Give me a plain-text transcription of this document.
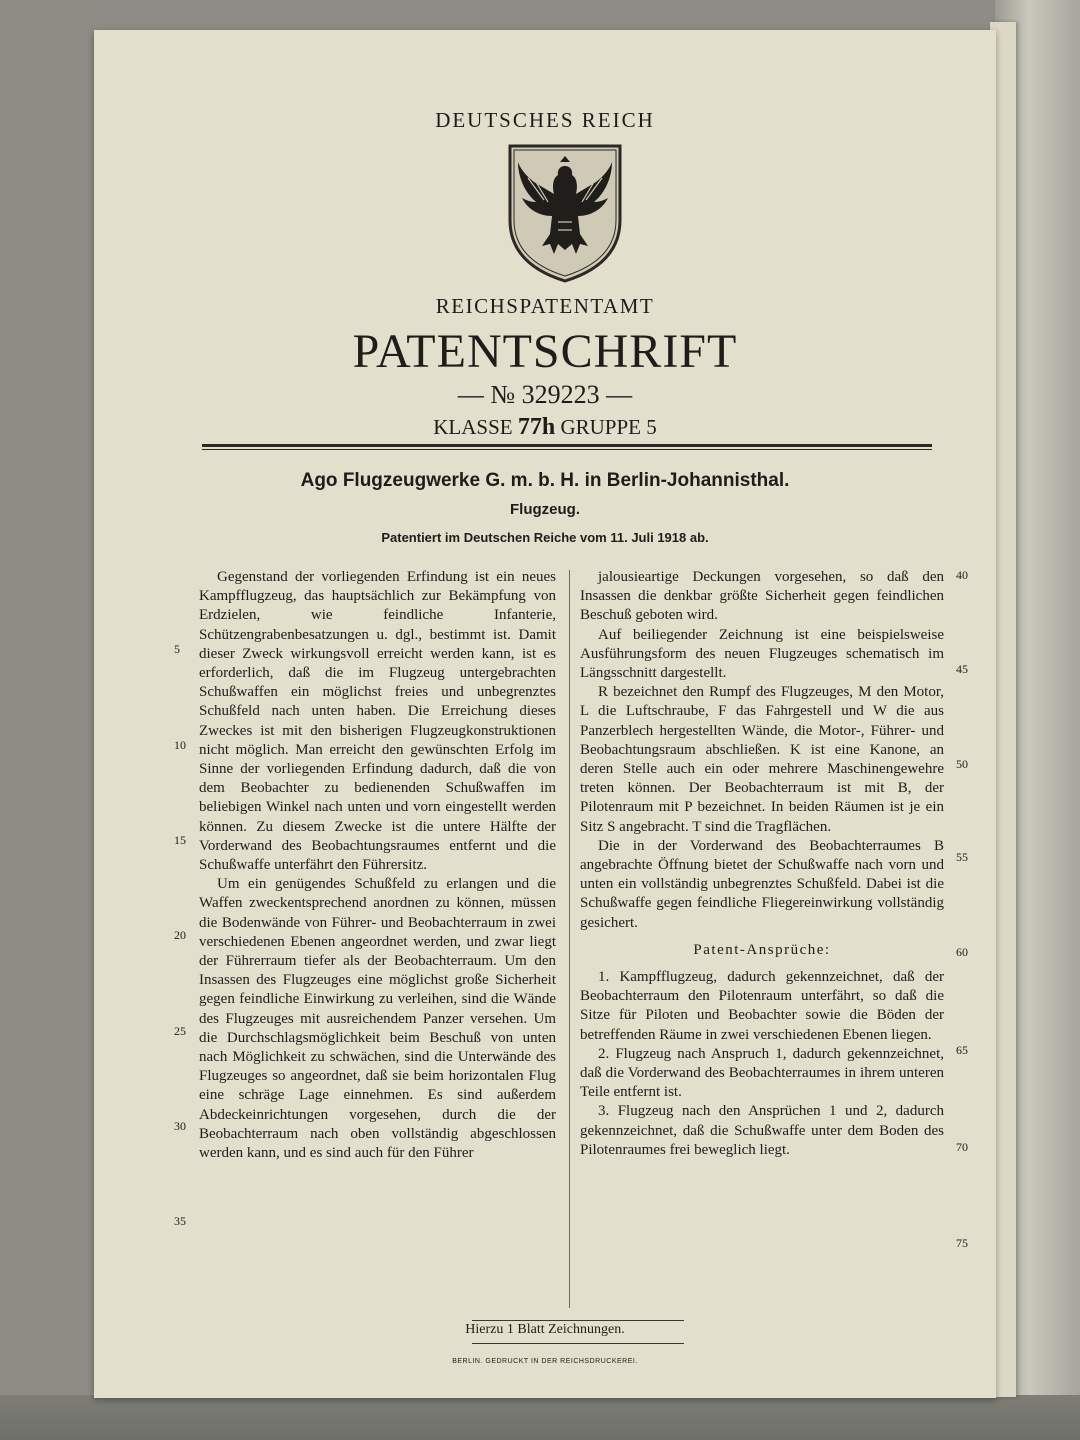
DEUTSCHES REICH
REICHSPATENTAMT
PATENTSCHRIFT
— № 329223 —
KLASSE 77h GRUPPE 5
Ago Flugzeugwerke G. m. b. H. in Berlin-Johannisthal.
Flugzeug.
Patentiert im Deutschen Reiche vom 11. Juli 1918 ab.

Gegenstand der vorliegenden Erfindung ist ein neues Kampfflugzeug, das hauptsächlich zur Bekämpfung von Erdzielen, wie feindliche Infanterie, Schützengrabenbesatzungen u. dgl., bestimmt ist. Damit dieser Zweck wirkungsvoll erreicht werden kann, ist es erforderlich, daß die im Flugzeug untergebrachten Schußwaffen ein möglichst freies und unbegrenztes Schußfeld nach unten haben. Die Erreichung dieses Zweckes ist mit den bisherigen Flugzeugkonstruktionen nicht möglich. Man erreicht den gewünschten Erfolg im Sinne der vorliegenden Erfindung dadurch, daß die von dem Beobachter zu bedienenden Schußwaffen im beliebigen Winkel nach unten und vorn eingestellt werden können. Zu diesem Zwecke ist die untere Hälfte der Vorderwand des Beobachtungsraumes entfernt und die Schußwaffe unterfährt den Führersitz.

Um ein genügendes Schußfeld zu erlangen und die Waffen zweckentsprechend anordnen zu können, müssen die Bodenwände von Führer- und Beobachterraum in zwei verschiedenen Ebenen angeordnet werden, und zwar liegt der Führerraum tiefer als der Beobachterraum. Um den Insassen des Flugzeuges eine möglichst große Sicherheit gegen feindliche Einwirkung zu verleihen, sind die Wände des Flugzeuges mit ausreichendem Panzer versehen. Um die Durchschlagsmöglichkeit beim Beschuß von unten nach Möglichkeit zu schwächen, sind die Unterwände des Flugzeuges so angeordnet, daß sie beim horizontalen Flug eine schräge Lage einnehmen. Es sind außerdem Abdeckeinrichtungen vorgesehen, durch die der Beobachterraum nach oben vollständig abgeschlossen werden kann, und es sind auch für den Führer

jalousieartige Deckungen vorgesehen, so daß den Insassen die denkbar größte Sicherheit gegen feindlichen Beschuß geboten wird.

Auf beiliegender Zeichnung ist eine beispielsweise Ausführungsform des neuen Flugzeuges schematisch im Längsschnitt dargestellt.

R bezeichnet den Rumpf des Flugzeuges, M den Motor, L die Luftschraube, F das Fahrgestell und W die aus Panzerblech hergestellten Wände, die Motor-, Führer- und Beobachtungsraum abschließen. K ist eine Kanone, an deren Stelle auch ein oder mehrere Maschinengewehre treten können. Der Beobachterraum ist mit B, der Pilotenraum mit P bezeichnet. In beiden Räumen ist je ein Sitz S angebracht. T sind die Tragflächen.

Die in der Vorderwand des Beobachterraumes B angebrachte Öffnung bietet der Schußwaffe nach vorn und unten ein vollständig unbegrenztes Schußfeld. Dabei ist die Schußwaffe gegen feindliche Fliegereinwirkung vollständig gesichert.

Patent-Ansprüche:

1. Kampfflugzeug, dadurch gekennzeichnet, daß der Beobachterraum den Pilotenraum unterfährt, so daß die Sitze für Piloten und Beobachter sowie die Böden der betreffenden Räume in zwei verschiedenen Ebenen liegen.

2. Flugzeug nach Anspruch 1, dadurch gekennzeichnet, daß die Vorderwand des Beobachterraumes in ihrem unteren Teile entfernt ist.

3. Flugzeug nach den Ansprüchen 1 und 2, dadurch gekennzeichnet, daß die Schußwaffe unter dem Boden des Pilotenraumes frei beweglich liegt.

5
10
15
20
25
30
35
40
45
50
55
60
65
70
75
Hierzu 1 Blatt Zeichnungen.
BERLIN. GEDRUCKT IN DER REICHSDRUCKEREI.
